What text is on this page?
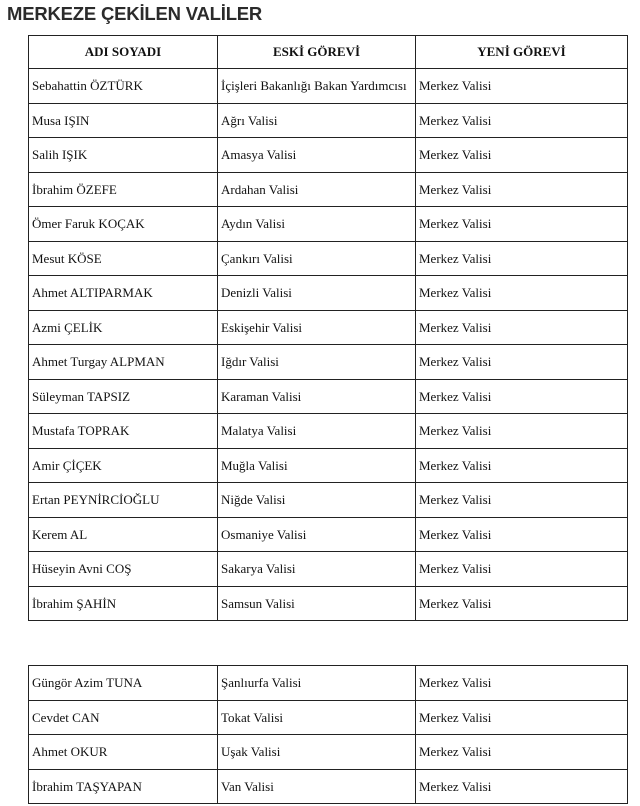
MERKEZE ÇEKİLEN VALİLER
ADI SOYADI	ESKİ GÖREVİ	YENİ GÖREVİ

Sebahattin ÖZTÜRK	İçişleri Bakanlığı Bakan Yardımcısı	Merkez Valisi

Musa IŞIN	Ağrı Valisi	Merkez Valisi

Salih IŞIK	Amasya Valisi	Merkez Valisi

İbrahim ÖZEFE	Ardahan Valisi	Merkez Valisi

Ömer Faruk KOÇAK	Aydın Valisi	Merkez Valisi

Mesut KÖSE	Çankırı Valisi	Merkez Valisi

Ahmet ALTIPARMAK	Denizli Valisi	Merkez Valisi

Azmi ÇELİK	Eskişehir Valisi	Merkez Valisi

Ahmet Turgay ALPMAN	Iğdır Valisi	Merkez Valisi

Süleyman TAPSIZ	Karaman Valisi	Merkez Valisi

Mustafa TOPRAK	Malatya Valisi	Merkez Valisi

Amir ÇİÇEK	Muğla Valisi	Merkez Valisi

Ertan PEYNİRCİOĞLU	Niğde Valisi	Merkez Valisi

Kerem AL	Osmaniye Valisi	Merkez Valisi

Hüseyin Avni COŞ	Sakarya Valisi	Merkez Valisi

İbrahim ŞAHİN	Samsun Valisi	Merkez Valisi
Güngör Azim TUNA	Şanlıurfa Valisi	Merkez Valisi

Cevdet CAN	Tokat Valisi	Merkez Valisi

Ahmet OKUR	Uşak Valisi	Merkez Valisi

İbrahim TAŞYAPAN	Van Valisi	Merkez Valisi
